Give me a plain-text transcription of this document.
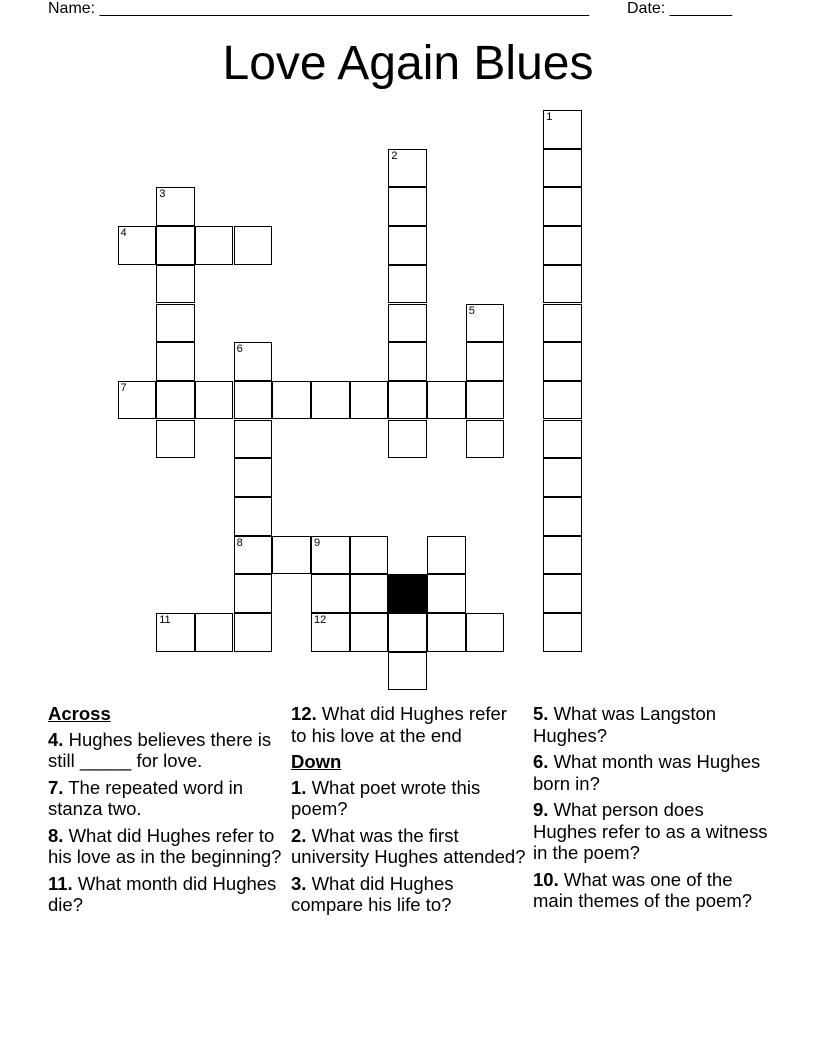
Name: _______________________________________________________ Date: _______
Love Again Blues
1
2
3
4
5
6
8
7
9
11	12
Across
4. Hughes believes there is still _____ for love.
7. The repeated word in stanza two.
8. What did Hughes refer to his love as in the beginning?
11. What month did Hughes die?
12. What did Hughes refer to his love at the end
Down
1. What poet wrote this poem?
2. What was the first university Hughes attended?
3. What did Hughes compare his life to?
5. What was Langston Hughes?
6. What month was Hughes born in?
9. What person does Hughes refer to as a witness in the poem?
10. What was one of the main themes of the poem?
